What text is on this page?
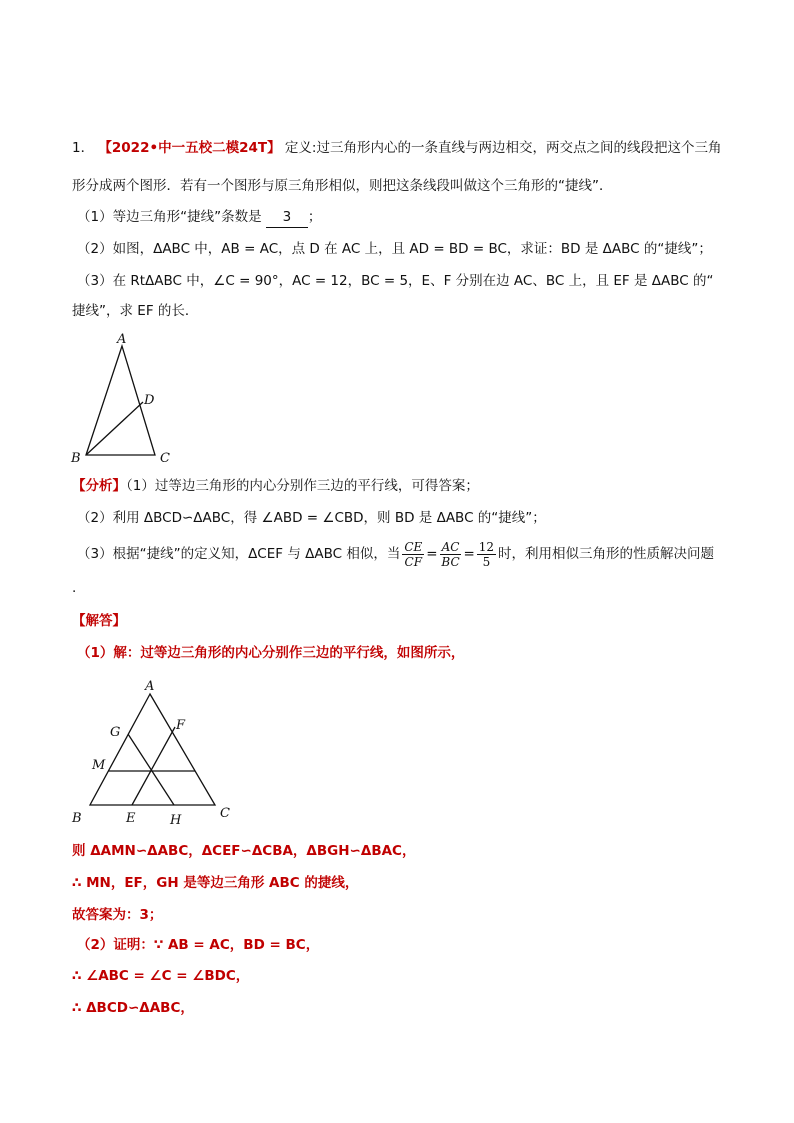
1． 【2022•中一五校二模24T】 定义:过三角形内心的一条直线与两边相交，两交点之间的线段把这个三角
形分成两个图形．若有一个图形与原三角形相似，则把这条线段叫做这个三角形的“捷线”．
（1）等边三角形“捷线”条数是 3 ；
（2）如图，ΔABC 中，AB = AC，点 D 在 AC 上，且 AD = BD = BC，求证：BD 是 ΔABC 的“捷线”；
（3）在 RtΔABC 中，∠C = 90°，AC = 12，BC = 5，E、F 分别在边 AC、BC 上，且 EF 是 ΔABC 的“
捷线”，求 EF 的长．
A
B	C
D
【分析】（1）过等边三角形的内心分别作三边的平行线，可得答案；
（2）利用 ΔBCD∽ΔABC，得 ∠ABD = ∠CBD，则 BD 是 ΔABC 的“捷线”；
（3）根据“捷线”的定义知，ΔCEF 与 ΔABC 相似，当 $\frac{CE}{CF} = \frac{AC}{BC} = \frac{12}{5}$ 时，利用相似三角形的性质解决问题
.
【解答】
（1）解：过等边三角形的内心分别作三边的平行线，如图所示，
A
B	C
E
F
G
H
M
则 ΔAMN∽ΔABC，ΔCEF∽ΔCBA，ΔBGH∽ΔBAC，
∴ MN，EF，GH 是等边三角形 ABC 的捷线，
故答案为：3；
（2）证明：∵ AB = AC，BD = BC，
∴ ∠ABC = ∠C = ∠BDC，
∴ ΔBCD∽ΔABC，
